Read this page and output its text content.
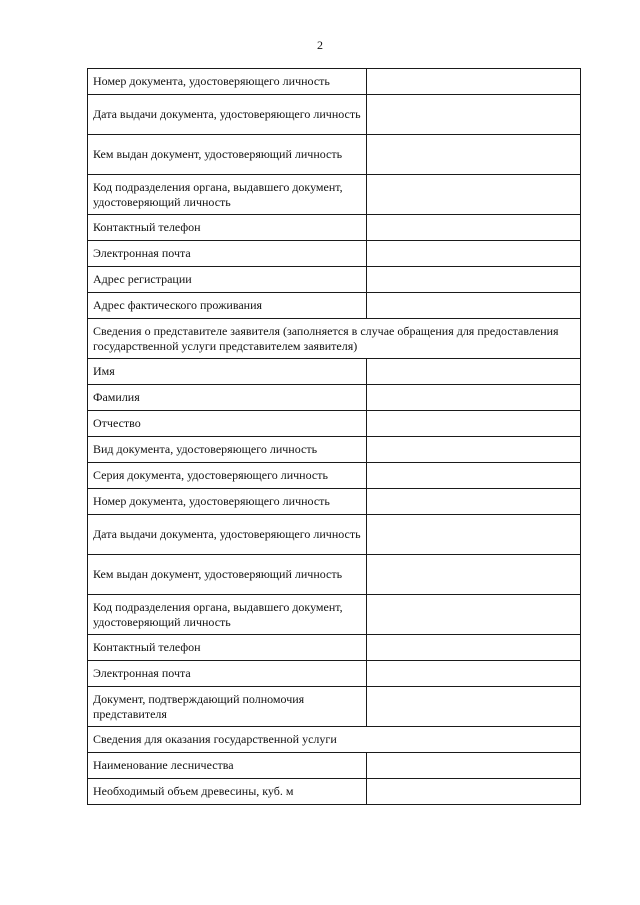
2
Номер документа, удостоверяющего личность	
Дата выдачи документа, удостоверяющего личность	
Кем выдан документ, удостоверяющий личность	
Код подразделения органа, выдавшего документ, удостоверяющий личность	
Контактный телефон	
Электронная почта	
Адрес регистрации	
Адрес фактического проживания	
Сведения о представителе заявителя (заполняется в случае обращения для предоставления государственной услуги представителем заявителя)	
Имя	
Фамилия	
Отчество	
Вид документа, удостоверяющего личность	
Серия документа, удостоверяющего личность	
Номер документа, удостоверяющего личность	
Дата выдачи документа, удостоверяющего личность	
Кем выдан документ, удостоверяющий личность	
Код подразделения органа, выдавшего документ, удостоверяющий личность	
Контактный телефон	
Электронная почта	
Документ, подтверждающий полномочия представителя	
Сведения для оказания государственной услуги	
Наименование лесничества	
Необходимый объем древесины, куб. м	
